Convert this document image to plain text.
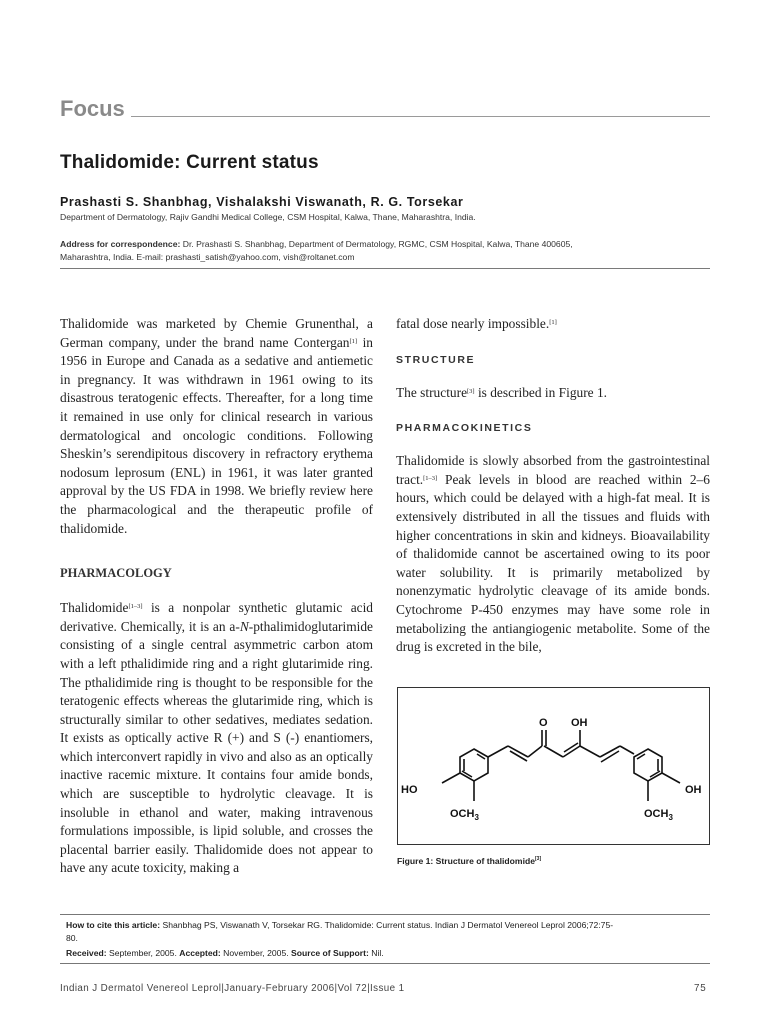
Focus
Thalidomide: Current status
Prashasti S. Shanbhag, Vishalakshi Viswanath, R. G. Torsekar
Department of Dermatology, Rajiv Gandhi Medical College, CSM Hospital, Kalwa, Thane, Maharashtra, India.
Address for correspondence: Dr. Prashasti S. Shanbhag, Department of Dermatology, RGMC, CSM Hospital, Kalwa, Thane 400605,
Maharashtra, India. E-mail: prashasti_satish@yahoo.com, vish@roltanet.com

Thalidomide was marketed by Chemie Grunenthal, a German company, under the brand name Contergan[1] in 1956 in Europe and Canada as a sedative and antiemetic in pregnancy. It was withdrawn in 1961 owing to its disastrous teratogenic effects. Thereafter, for a long time it remained in use only for clinical research in various dermatological and oncologic conditions. Following Sheskin’s serendipitous discovery in refractory erythema nodosum leprosum (ENL) in 1961, it was later granted approval by the US FDA in 1998. We briefly review here the pharmacological and the therapeutic profile of thalidomide.

PHARMACOLOGY

Thalidomide[1–3] is a nonpolar synthetic glutamic acid derivative. Chemically, it is an a-N-pthalimidoglutarimide consisting of a single central asymmetric carbon atom with a left pthalidimide ring and a right glutarimide ring. The pthalidimide ring is thought to be responsible for the teratogenic effects whereas the glutarimide ring, which is structurally similar to other sedatives, mediates sedation. It exists as optically active R (+) and S (-) enantiomers, which interconvert rapidly in vivo and also as an optically inactive racemic mixture. It contains four amide bonds, which are susceptible to hydrolytic cleavage. It is insoluble in ethanol and water, making intravenous formulations impossible, is lipid soluble, and crosses the placental barrier easily. Thalidomide does not appear to have any acute toxicity, making a

fatal dose nearly impossible.[1]

STRUCTURE

The structure[3] is described in Figure 1.

PHARMACOKINETICS

Thalidomide is slowly absorbed from the gastrointestinal tract.[1–3] Peak levels in blood are reached within 2–6 hours, which could be delayed with a high-fat meal. It is extensively distributed in all the tissues and fluids with higher concentrations in skin and kidneys. Bioavailability of thalidomide cannot be ascertained owing to its poor water solubility. It is primarily metabolized by nonenzymatic hydrolytic cleavage of its amide bonds. Cytochrome P-450 enzymes may have some role in metabolizing the antiangiogenic metabolite. Some of the drug is excreted in the bile,

O OH
HO	OH
$OCH_3$	$OCH_3$
Figure 1: Structure of thalidomide[3]
How to cite this article: Shanbhag PS, Viswanath V, Torsekar RG. Thalidomide: Current status. Indian J Dermatol Venereol Leprol 2006;72:75-
80.
Received: September, 2005. Accepted: November, 2005. Source of Support: Nil.
Indian J Dermatol Venereol Leprol|January-February 2006|Vol 72|Issue 1	75
